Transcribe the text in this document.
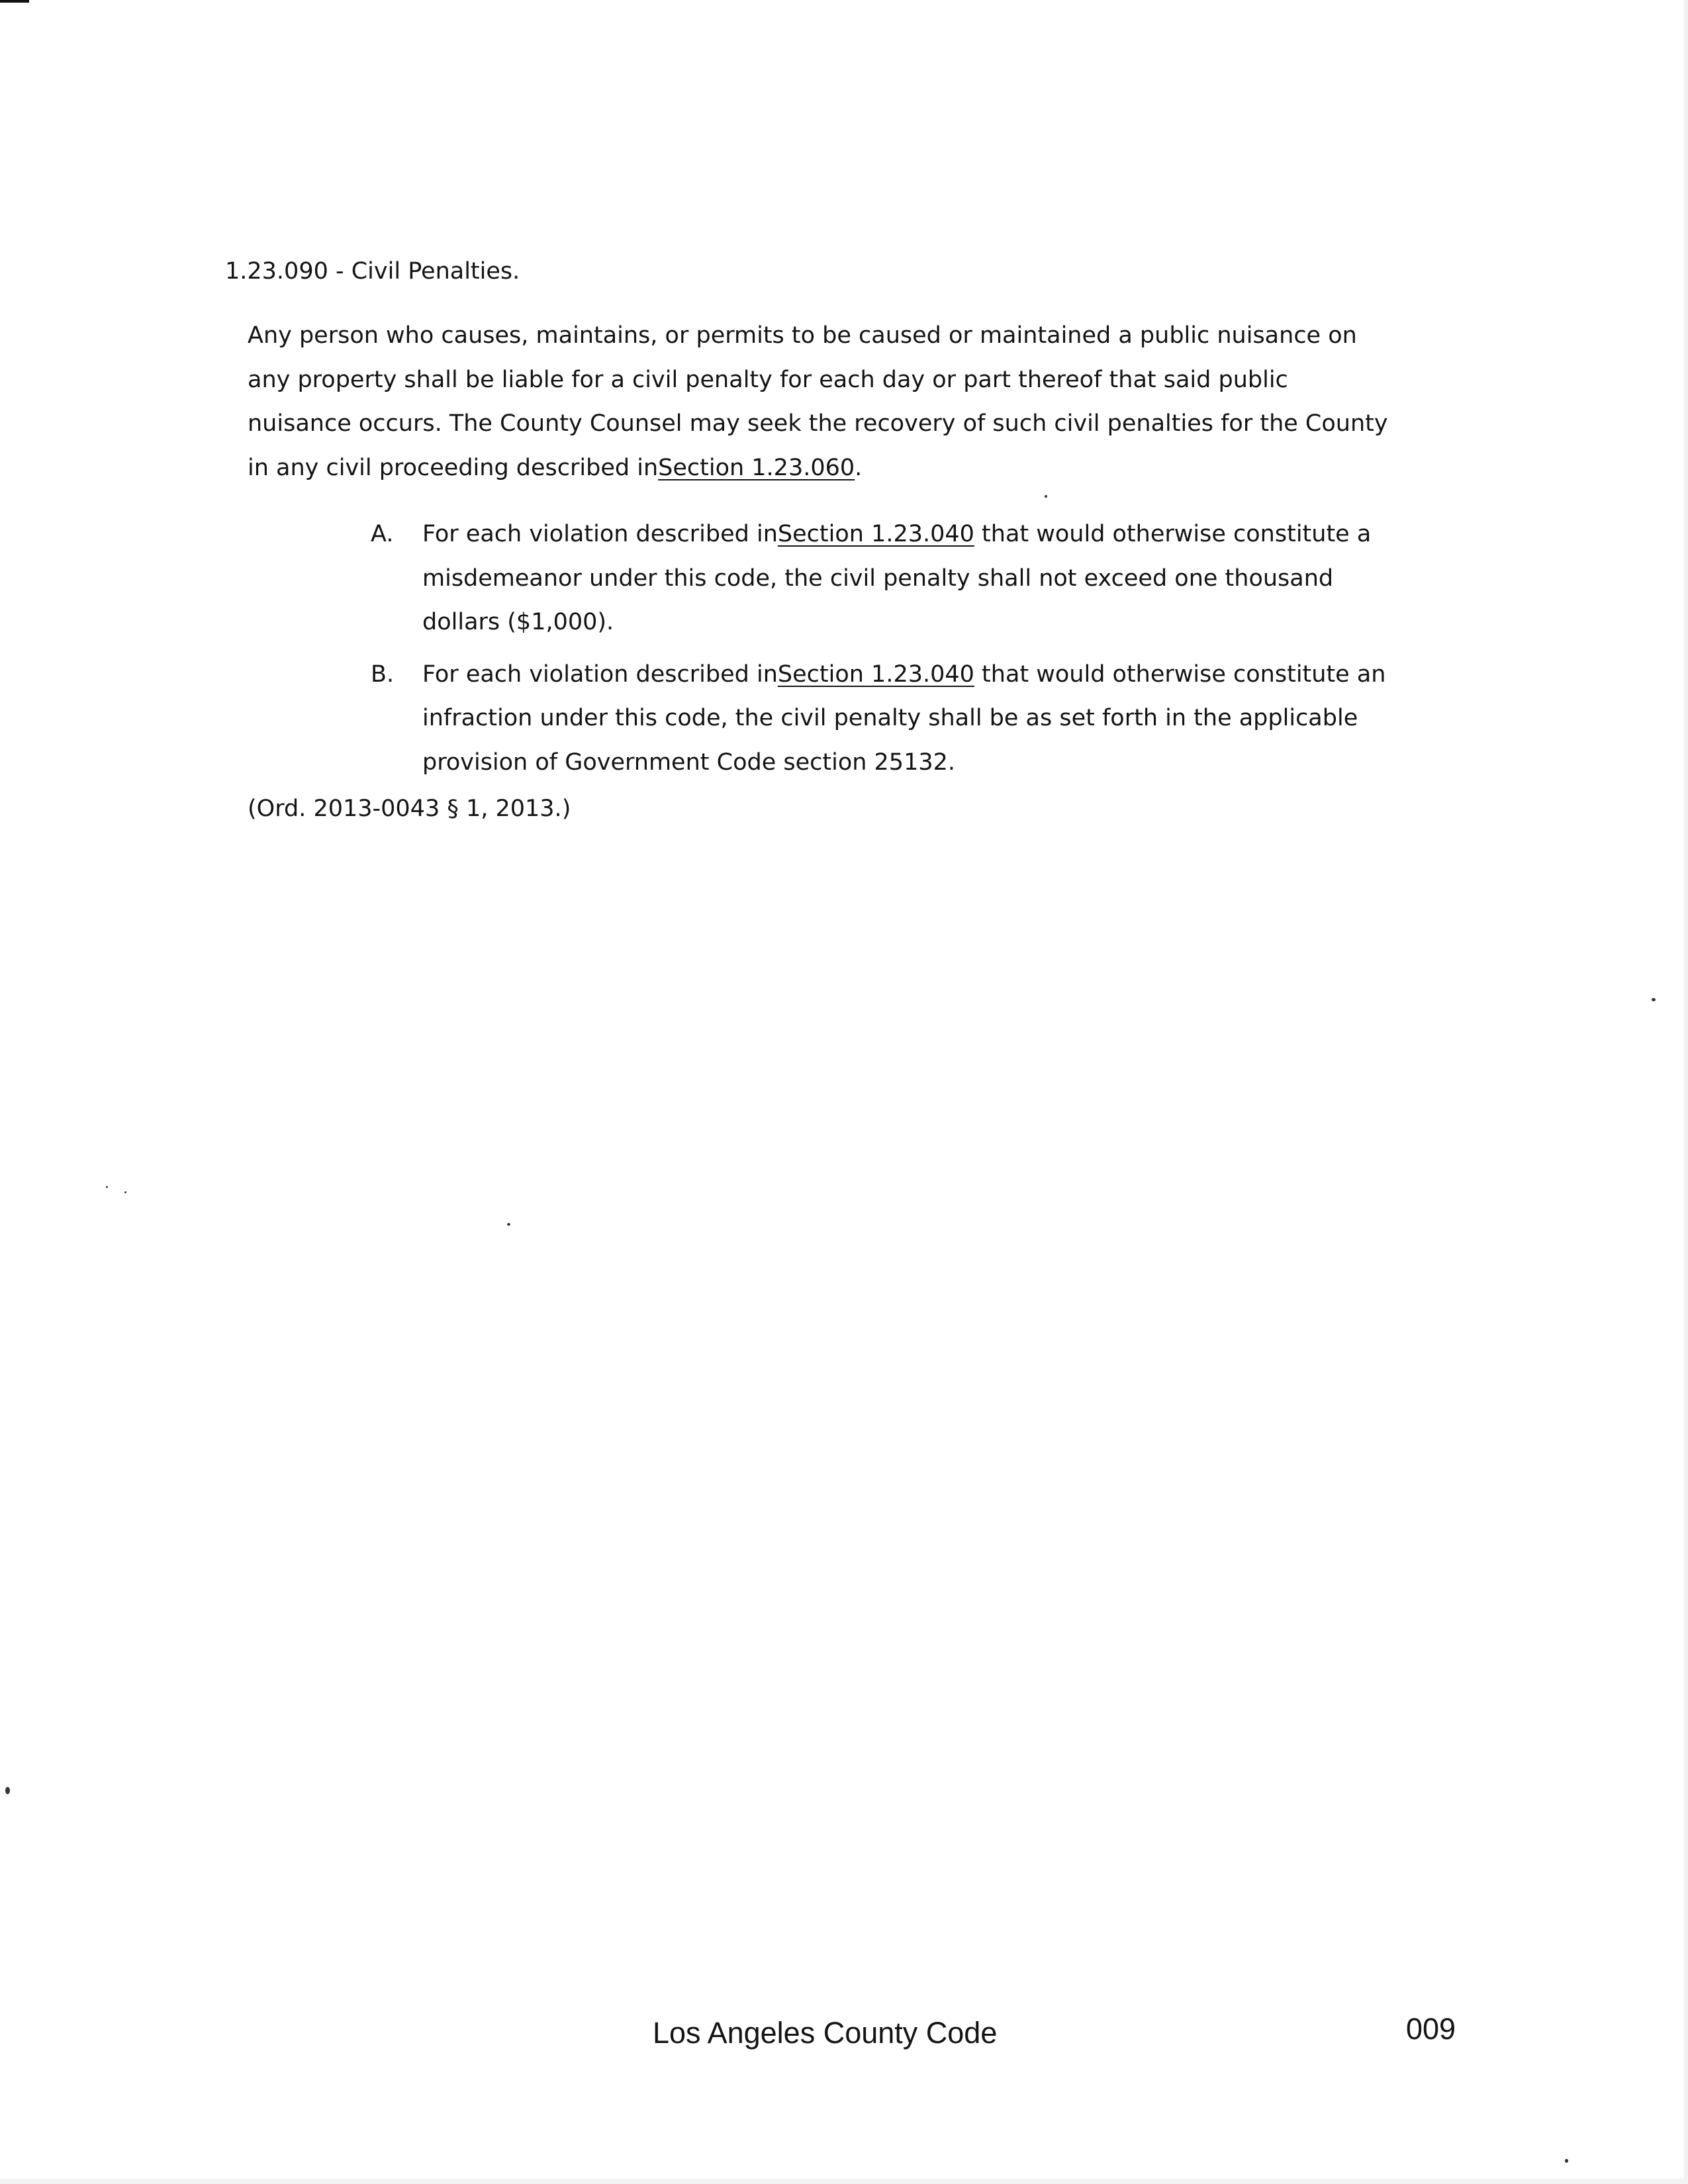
1.23.090 - Civil Penalties.

Any person who causes, maintains, or permits to be caused or maintained a public nuisance on
any property shall be liable for a civil penalty for each day or part thereof that said public
nuisance occurs. The County Counsel may seek the recovery of such civil penalties for the County
in any civil proceeding described inSection 1.23.060.

A.	For each violation described inSection 1.23.040 that would otherwise constitute a
misdemeanor under this code, the civil penalty shall not exceed one thousand
dollars ($1,000).
B.	For each violation described inSection 1.23.040 that would otherwise constitute an
infraction under this code, the civil penalty shall be as set forth in the applicable
provision of Government Code section 25132.

(Ord. 2013-0043 § 1, 2013.)

Los Angeles County Code	009
